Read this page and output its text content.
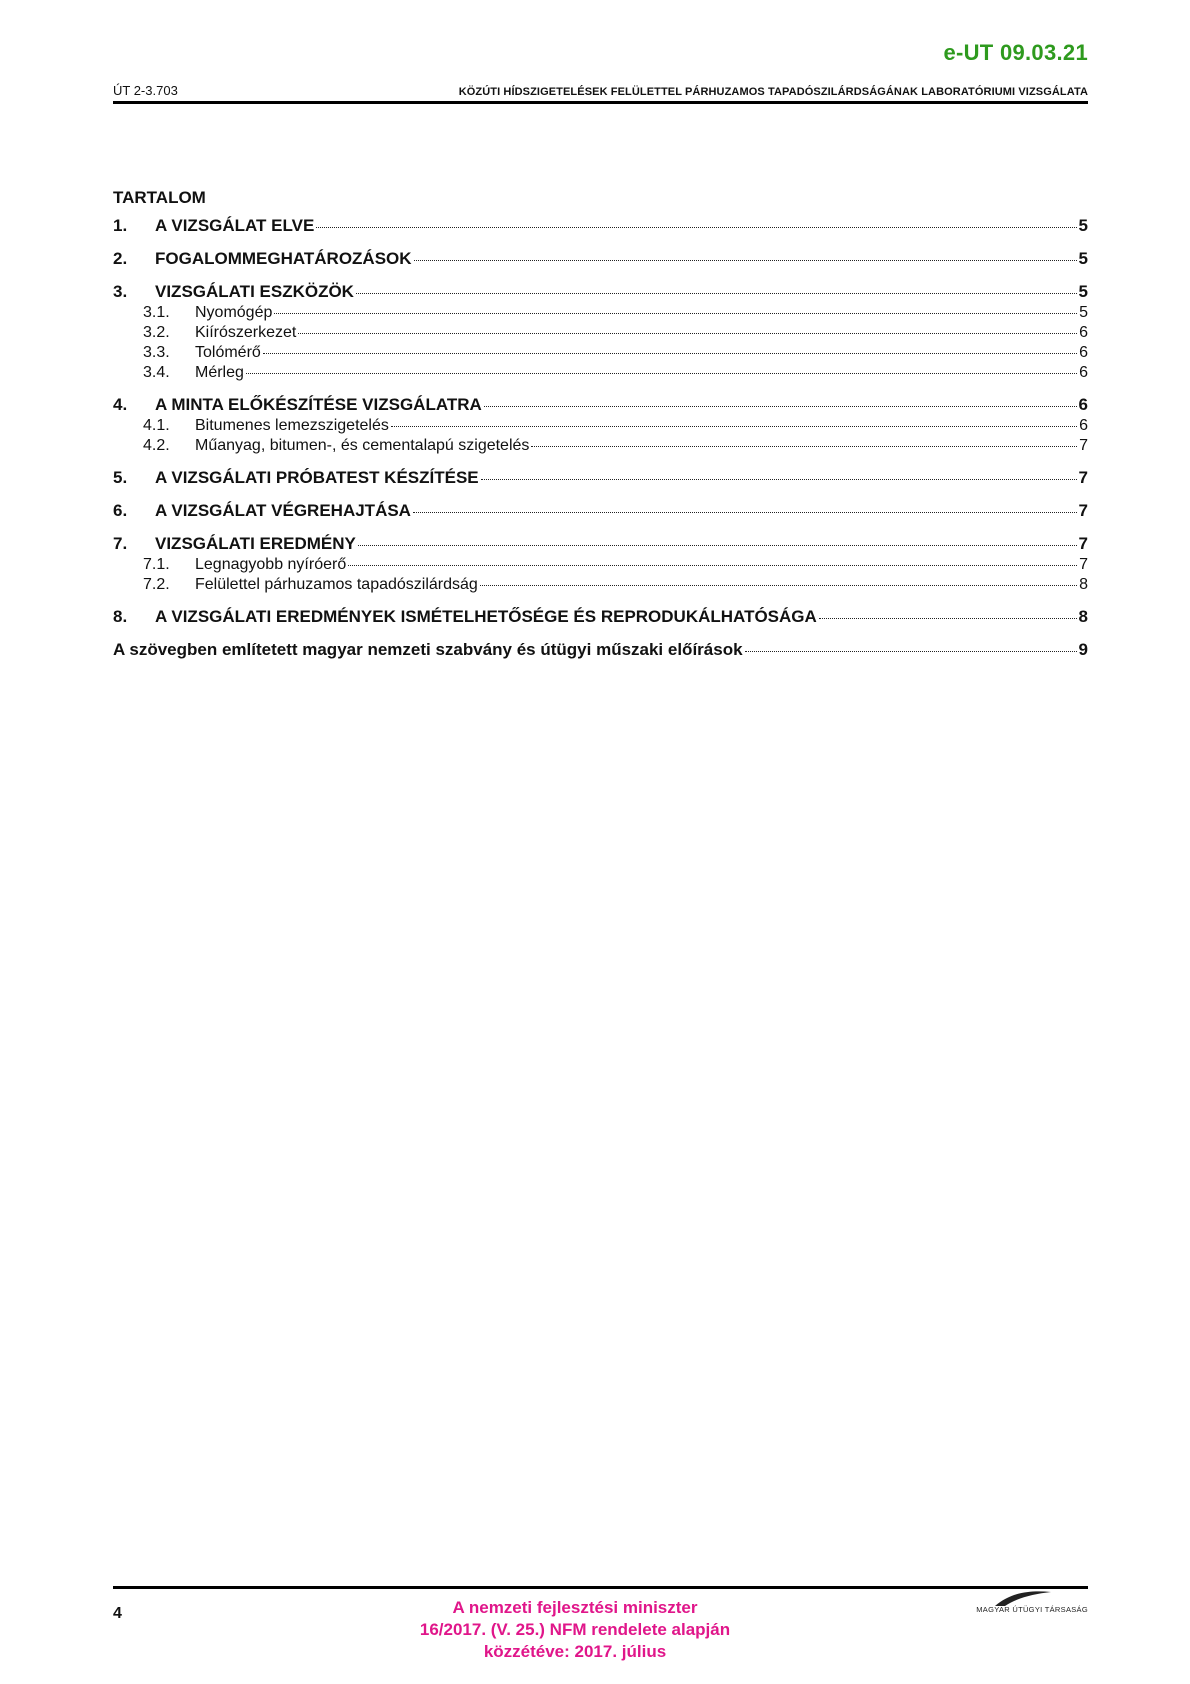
e-UT 09.03.21
ÚT 2-3.703	KÖZÚTI HÍDSZIGETELÉSEK FELÜLETTEL PÁRHUZAMOS TAPADÓSZILÁRDSÁGÁNAK LABORATÓRIUMI VIZSGÁLATA
TARTALOM
1.	A VIZSGÁLAT ELVE	5
2.	FOGALOMMEGHATÁROZÁSOK	5
3.	VIZSGÁLATI ESZKÖZÖK	5
3.1.	Nyomógép	5
3.2.	Kiírószerkezet	6
3.3.	Tolómérő	6
3.4.	Mérleg	6
4.	A MINTA ELŐKÉSZÍTÉSE VIZSGÁLATRA	6
4.1.	Bitumenes lemezszigetelés	6
4.2.	Műanyag, bitumen-, és cementalapú szigetelés	7
5.	A VIZSGÁLATI PRÓBATEST KÉSZÍTÉSE	7
6.	A VIZSGÁLAT VÉGREHAJTÁSA	7
7.	VIZSGÁLATI EREDMÉNY	7
7.1.	Legnagyobb nyíróerő	7
7.2.	Felülettel párhuzamos tapadószilárdság	8
8.	A VIZSGÁLATI EREDMÉNYEK ISMÉTELHETŐSÉGE ÉS REPRODUKÁLHATÓSÁGA	8
A szövegben említetett magyar nemzeti szabvány és útügyi műszaki előírások	9
4	A nemzeti fejlesztési miniszter
16/2017. (V. 25.) NFM rendelete alapján
közzétéve: 2017. július
MAGYAR ÚTÜGYI TÁRSASÁG
